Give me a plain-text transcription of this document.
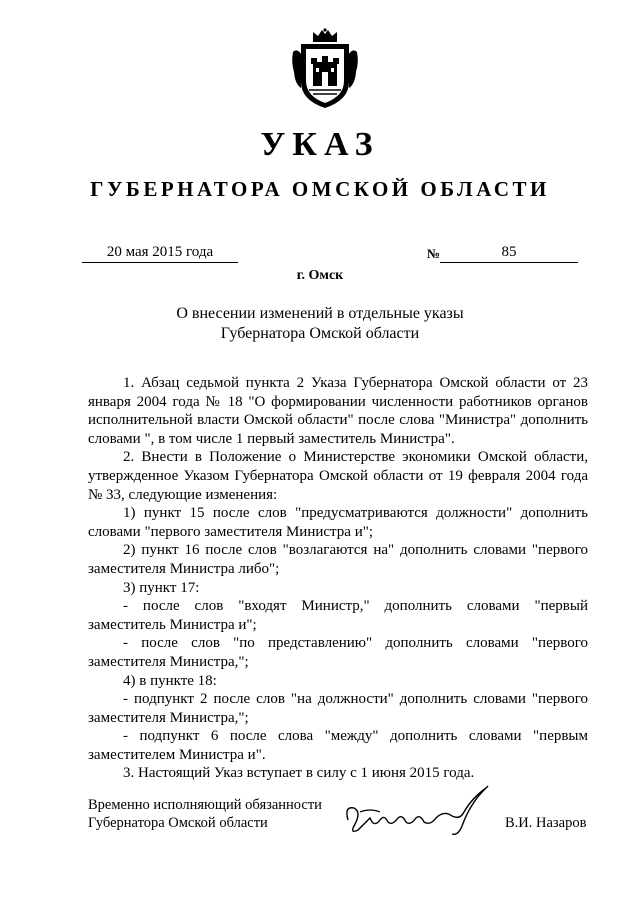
УКАЗ
ГУБЕРНАТОРА ОМСКОЙ ОБЛАСТИ
20 мая 2015 года	№	85
г. Омск
О внесении изменений в отдельные указы
Губернатора Омской области

1. Абзац седьмой пункта 2 Указа Губернатора Омской области от 23 января 2004 года № 18 "О формировании численности работников органов исполнительной власти Омской области" после слова "Министра" дополнить словами ", в том числе 1 первый заместитель Министра".

2. Внести в Положение о Министерстве экономики Омской области, утвержденное Указом Губернатора Омской области от 19 февраля 2004 года № 33, следующие изменения:

1) пункт 15 после слов "предусматриваются должности" дополнить словами "первого заместителя Министра и";

2) пункт 16 после слов "возлагаются на" дополнить словами "первого заместителя Министра либо";

3) пункт 17:

- после слов "входят Министр," дополнить словами "первый заместитель Министра и";

- после слов "по представлению" дополнить словами "первого заместителя Министра,";

4) в пункте 18:

- подпункт 2 после слов "на должности" дополнить словами "первого заместителя Министра,";

- подпункт 6 после слова "между" дополнить словами "первым заместителем Министра и".

3. Настоящий Указ вступает в силу с 1 июня 2015 года.

Временно исполняющий обязанности
Губернатора Омской области	В.И. Назаров
